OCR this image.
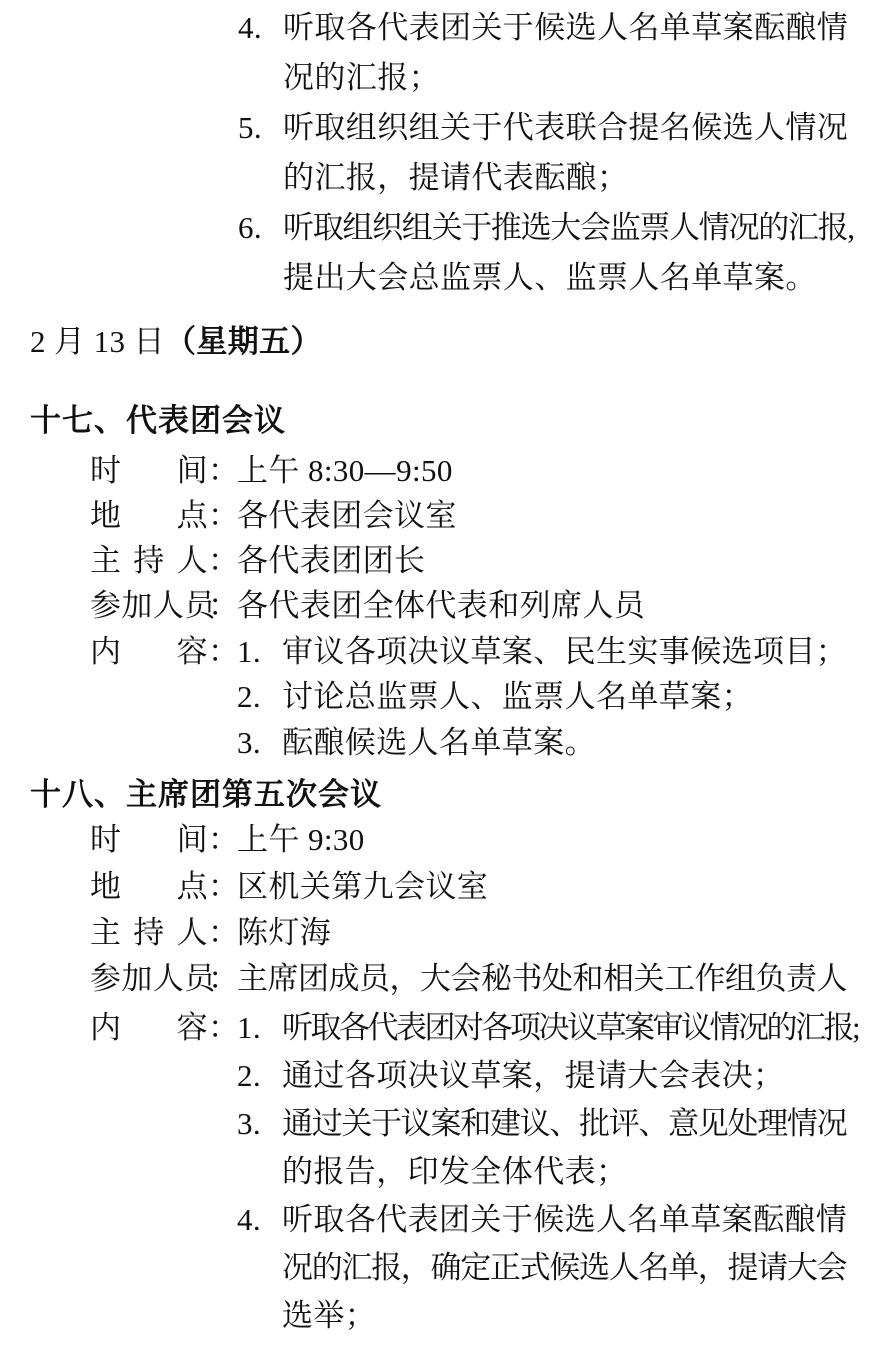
4. 听取各代表团关于候选人名单草案酝酿情
况的汇报；
5. 听取组织组关于代表联合提名候选人情况
的汇报，提请代表酝酿；
6. 听取组织组关于推选大会监票人情况的汇报,
提出大会总监票人、监票人名单草案。
2 月 13 日（星期五）
十七、代表团会议
时 间 ：
上午 8:30—9:50
地 点 ：
各代表团会议室
主 持 人 ：
各代表团团长
参 加 人 员
：
各代表团全体代表和列席人员
内 容 ：
1. 审议各项决议草案、民生实事候选项目；
2. 讨论总监票人、监票人名单草案；
3. 酝酿候选人名单草案。
十八、主席团第五次会议
时 间 ：
上午 9:30
地 点 ：
区机关第九会议室
主 持 人 ：
陈灯海
参 加 人 员
：
主席团成员，大会秘书处和相关工作组负责人
内 容 ：
1. 听取各代表团对各项决议草案审议情况的汇报;
2. 通过各项决议草案，提请大会表决；
3. 通过关于议案和建议、批评、意见处理情况
的报告，印发全体代表；
4. 听取各代表团关于候选人名单草案酝酿情
况的汇报，确定正式候选人名单，提请大会
选举；
